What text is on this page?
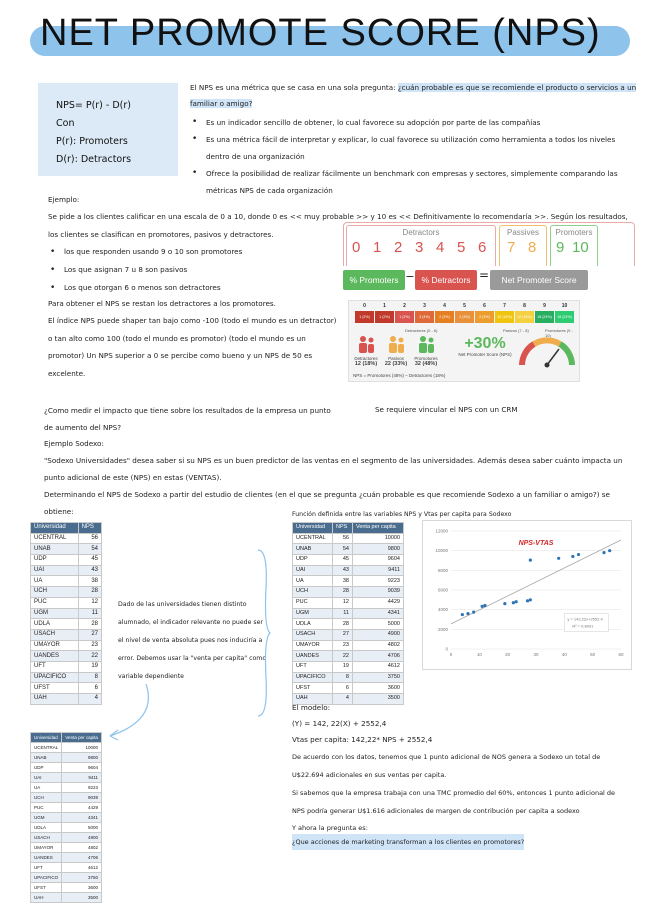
NET PROMOTE SCORE (NPS)
NPS= P(r) - D(r)
Con
P(r): Promoters
D(r): Detractors
El NPS es una métrica que se casa en una sola pregunta: ¿cuán probable es que se recomiende el producto o servicios a un familiar o amigo?
• Es un indicador sencillo de obtener, lo cual favorece su adopción por parte de las compañías
• Es una métrica fácil de interpretar y explicar, lo cual favorece su utilización como herramienta a todos los niveles dentro de una organización
• Ofrece la posibilidad de realizar fácilmente un benchmark con empresas y sectores, simplemente comparando las métricas NPS de cada organización
Ejemplo:
Se pide a los clientes calificar en una escala de 0 a 10, donde 0 es << muy probable >> y 10 es << Definitivamente lo recomendaría >>. Según los resultados, los clientes se clasifican en promotores, pasivos y detractores.
• los que responden usando 9 o 10 son promotores
• Los que asignan 7 u 8 son pasivos
• Los que otorgan 6 o menos son detractores
Para obtener el NPS se restan los detractores a los promotores.
El índice NPS puede shaper tan bajo como -100 (todo el mundo es un detractor) o tan alto como 100 (todo el mundo es promotor) (todo el mundo es un promotor) Un NPS superior a 0 se percibe como bueno y un NPS de 50 es excelente.
Detractors	Passives	Promoters
0 1 2 3 4 5 6 7 8 9 10
% Promoters − % Detractors =	Net Promoter Score
0
1 (2%)
1
1 (2%)
2
1 (2%)
3
3 (4%)
4
2 (3%)
5
2 (3%)
6
2 (3%)
7
10 (15%)
8
12 (18%)
9
16 (24%)
10
16 (24%)
Detractores (0 - 6)	Pasivos (7 - 8)	Promotores (9 - 10)
Detractores
12 (18%)
Pasivos
22 (33%)
Promotores
32 (48%)
+30%
Net Promoter Score (NPS)
NPS = Promotores (48%) – Detractores (18%)
¿Como medir el impacto que tiene sobre los resultados de la empresa un punto de aumento del NPS?
Se requiere vincular el NPS con un CRM
Ejemplo Sodexo:
"Sodexo Universidades" desea saber si su NPS es un buen predictor de las ventas en el segmento de las universidades. Además desea saber cuánto impacta un punto adicional de este (NPS) en estas (VENTAS).
Determinando el NPS de Sodexo a partir del estudio de clientes (en el que se pregunta ¿cuán probable es que recomiende Sodexo a un familiar o amigo?) se obtiene:
Universidad	NPS
UCENTRAL	56
UNAB	54
UDP	45
UAI	43
UA	38
UCH	28
PUC	12
UGM	11
UDLA	28
USACH	27
UMAYOR	23
UANDES	22
UFT	19
UPACIFICO	8
UFST	6
UAH	4
Dado de las universidades tienen distinto alumnado, el indicador relevante no puede ser el nivel de venta absoluta pues nos induciría a error. Debemos usar la "venta per capita" como variable dependiente
Universidad	Venta per capita
UCENTRAL	10000
UNAB	9800
UDP	9604
UAI	9411
UA	9223
UCH	9039
PUC	4429
UGM	4341
UDLA	5000
USACH	4900
UMAYOR	4802
UANDES	4706
UFT	4612
UPACIFICO	3750
UFST	3600
UAH	3500
Función definida entre las variables NPS y Vtas per capita para Sodexo
Universidad	NPS	Venta per capita
UCENTRAL	56	10000
UNAB	54	9800
UDP	45	9604
UAI	43	9411
UA	38	9223
UCH	28	9039
PUC	12	4429
UGM	11	4341
UDLA	28	5000
USACH	27	4900
UMAYOR	23	4802
UANDES	22	4706
UFT	19	4612
UPACIFICO	8	3750
UFST	6	3600
UAH	4	3500
0
2000
4000
6000
8000
10000
12000
0	10	20	30	40	50	60
NPS-VTAS
y = 142,22x+2552,4
R² = 0,8431
El modelo:
(Y) = 142, 22(X) + 2552,4
Vtas per capita: 142,22* NPS + 2552,4
De acuerdo con los datos, tenemos que 1 punto adicional de NOS genera a Sodexo un total de U$22.694 adicionales en sus ventas per capita.
Si sabemos que la empresa trabaja con una TMC promedio del 60%, entonces 1 punto adicional de NPS podría generar U$1.616 adicionales de margen de contribución per capita a sodexo
Y ahora la pregunta es:
¿Que acciones de marketing transforman a los clientes en promotores?
